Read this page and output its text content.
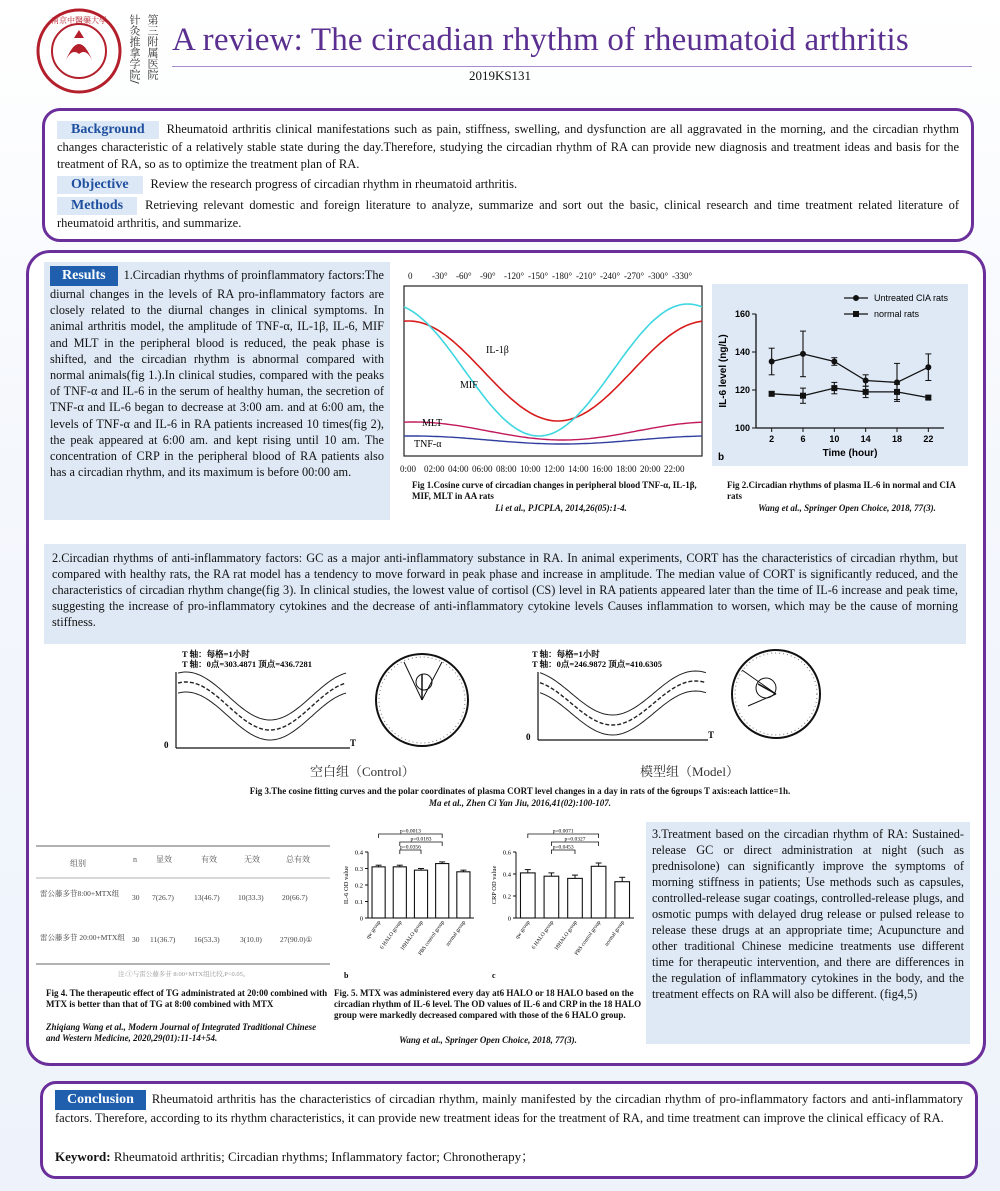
南京中醫藥大學 针灸推拿学院/ 第三附属医院 A review: The circadian rhythm of rheumatoid arthritis
2019KS131

Background Rheumatoid arthritis clinical manifestations such as pain, stiffness, swelling, and dysfunction are all aggravated in the morning, and the circadian rhythm changes characteristic of a relatively stable state during the day.Therefore, studying the circadian rhythm of RA can provide new diagnosis and treatment ideas and basis for the treatment of RA, so as to optimize the treatment plan of RA.

Objective Review the research progress of circadian rhythm in rheumatoid arthritis.

Methods Retrieving relevant domestic and foreign literature to analyze, summarize and sort out the basic, clinical research and time treatment related literature of rheumatoid arthritis, and summarize.

Results 1.Circadian rhythms of proinflammatory factors:The diurnal changes in the levels of RA pro-inflammatory factors are closely related to the diurnal changes in clinical symptoms. In animal arthritis model, the amplitude of TNF-α, IL-1β, IL-6, MIF and MLT in the peripheral blood is reduced, the peak phase is shifted, and the circadian rhythm is abnormal compared with normal animals(fig 1.).In clinical studies, compared with the peaks of TNF-α and IL-6 in the serum of healthy human, the secretion of TNF-α and IL-6 began to decrease at 3:00 am. and at 6:00 am, the levels of TNF-α and IL-6 in RA patients increased 10 times(fig 2), the peak appeared at 6:00 am. and kept rising until 10 am. The concentration of CRP in the peripheral blood of RA patients also has a circadian rhythm, and its maximum is before 00:00 am.
0 -30° -60° -90° -120° -150° -180° -210° -240° -270° -300° -330°
IL-1β
MIF
MLT
TNF-α
0:00 02:00 04:00 06:00 08:00 10:00 12:00 14:00 16:00 18:00 20:00 22:00
Fig 1.Cosine curve of circadian changes in peripheral blood TNF-α, IL-1β, MIF, MLT in AA rats
Li et al., PJCPLA, 2014,26(05):1-4.
100
120
140
160
2	6	10 14 18 22
Time (hour)
IL-6 level (ng/L)
b
Untreated CIA rats
normal rats
Fig 2.Circadian rhythms of plasma IL-6 in normal and CIA rats
Wang et al., Springer Open Choice, 2018, 77(3).
2.Circadian rhythms of anti-inflammatory factors: GC as a major anti-inflammatory substance in RA. In animal experiments, CORT has the characteristics of circadian rhythm, but compared with healthy rats, the RA rat model has a tendency to move forward in peak phase and increase in amplitude. The median value of CORT is significantly reduced, and the characteristics of circadian rhythm change(fig 3). In clinical studies, the lowest value of cortisol (CS) level in RA patients appeared later than the time of IL-6 increase and peak time, suggesting the increase of pro-inflammatory cytokines and the decrease of anti-inflammatory cytokine levels Causes inflammation to worsen, which may be the cause of morning stiffness.
T 轴：每格=1小时
T 轴：0点=303.4871 顶点=436.7281
0	T
T 轴：每格=1小时
T 轴：0点=246.9872 顶点=410.6305
0	T
空白组（Control）	模型组（Model）
Fig 3.The cosine fitting curves and the polar coordinates of plasma CORT level changes in a day in rats of the 6groups T axis:each lattice=1h.
Ma et al., Zhen Ci Yan Jiu, 2016,41(02):100-107.
组别	n 显效	有效	无效	总有效
雷公藤多苷8:00+MTX组 30 7(26.7)	13(46.7) 10(33.3) 20(66.7)
雷公藤多苷 20:00+MTX组 30 11(36.7) 16(53.3)	3(10.0) 27(90.0)①
注:①与雷公藤多苷 8:00+MTX组比较,P<0.05。
Fig 4. The therapeutic effect of TG administrated at 20:00 combined with MTX is better than that of TG at 8:00 combined with MTX
Zhiqiang Wang et al., Modern Journal of Integrated Traditional Chinese and Western Medicine, 2020,29(01):11-14+54.
0
0.1
0.2
0.3
0.4
IL-6 OD value
qw group
6 HALO group
18HALO group
PBS control group normal group
p=0.0013
p=0.0183
p=0.0356
b
0
0.2
0.4
0.6
CRP OD value
qw group 6 HALO group
18HALO group
PBS control group normal group
p=0.0071
p=0.0327
p=0.0453
c
Fig. 5. MTX was administered every day at6 HALO or 18 HALO based on the circadian rhythm of IL-6 level. The OD values of IL-6 and CRP in the 18 HALO group were markedly decreased compared with those of the 6 HALO group.
Wang et al., Springer Open Choice, 2018, 77(3).
3.Treatment based on the circadian rhythm of RA: Sustained-release GC or direct administration at night (such as prednisolone) can significantly improve the symptoms of morning stiffness in patients; Use methods such as capsules, controlled-release sugar coatings, controlled-release plugs, and osmotic pumps with delayed drug release or pulsed release to release these drugs at an appropriate time; Acupuncture and other traditional Chinese medicine treatments use different time for therapeutic intervention, and there are differences in the regulation of inflammatory cytokines in the body, and the treatment effects on RA will also be different. (fig4,5)
Conclusion Rheumatoid arthritis has the characteristics of circadian rhythm, mainly manifested by the circadian rhythm of pro-inflammatory factors and anti-inflammatory factors. Therefore, according to its rhythm characteristics, it can provide new treatment ideas for the treatment of RA, and time treatment can improve the clinical efficacy of RA.
Keyword: Rheumatoid arthritis; Circadian rhythms; Inflammatory factor; Chronotherapy；
